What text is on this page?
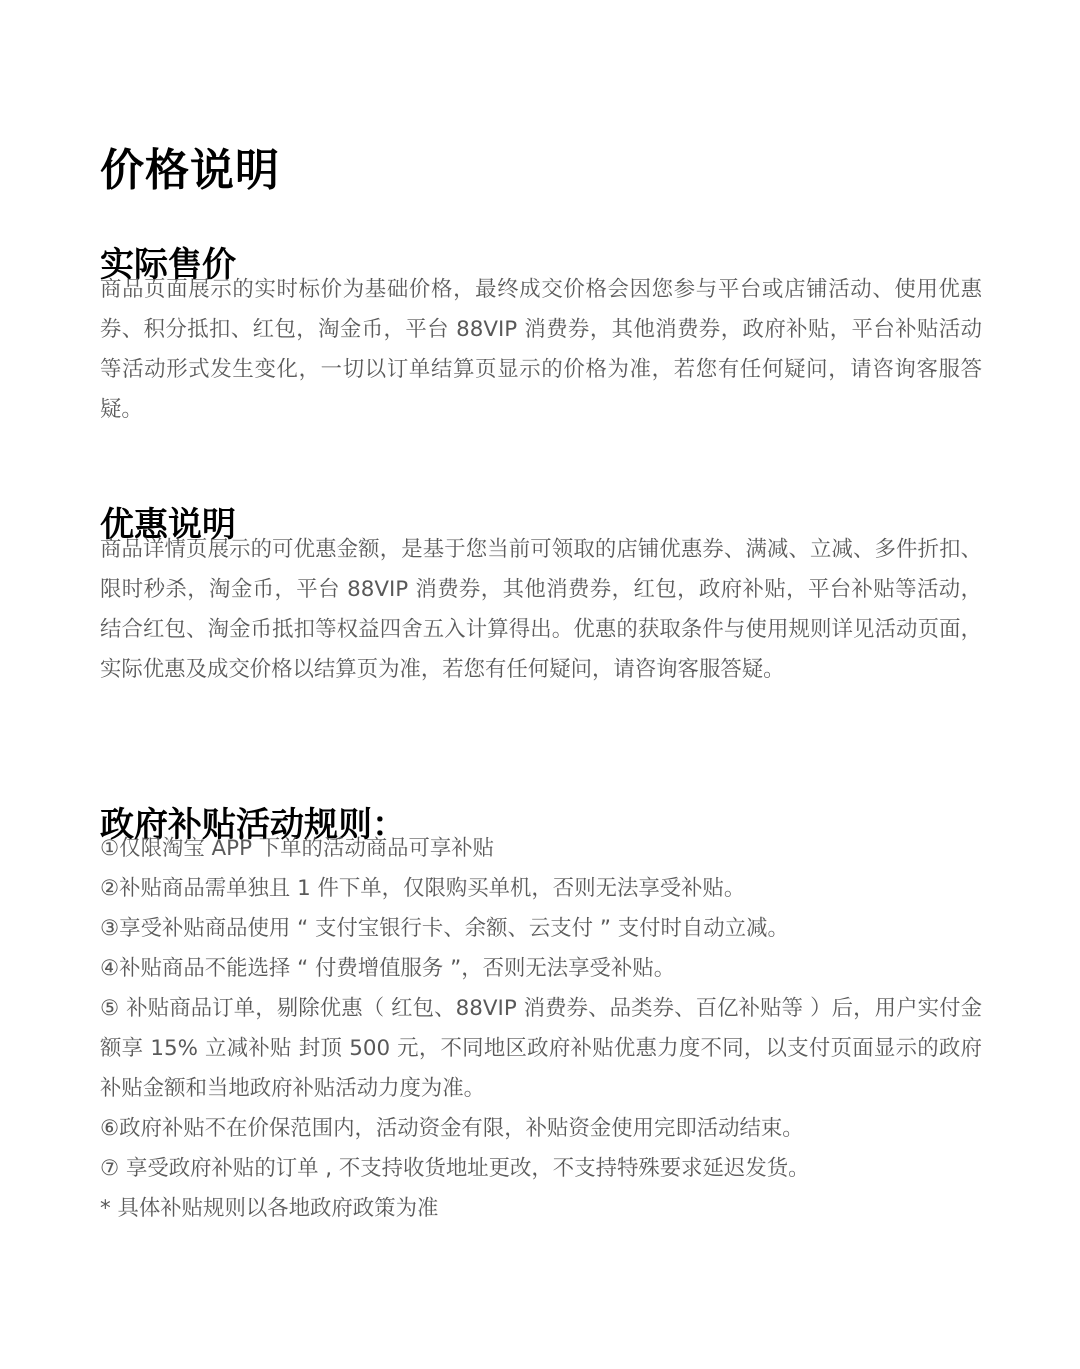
价格说明
实际售价

商品页面展示的实时标价为基础价格，最终成交价格会因您参与平台或店铺活动、使用优惠券、积分抵扣、红包，淘金币，平台 88VIP 消费券，其他消费券，政府补贴，平台补贴活动等活动形式发生变化，一切以订单结算页显示的价格为准，若您有任何疑问，请咨询客服答疑。

优惠说明

商品详情页展示的可优惠金额，是基于您当前可领取的店铺优惠券、满减、立减、多件折扣、限时秒杀，淘金币，平台 88VIP 消费券，其他消费券，红包，政府补贴，平台补贴等活动，结合红包、淘金币抵扣等权益四舍五入计算得出。优惠的获取条件与使用规则详见活动页面，实际优惠及成交价格以结算页为准，若您有任何疑问，请咨询客服答疑。

政府补贴活动规则：
①仅限淘宝 APP 下单的活动商品可享补贴
②补贴商品需单独且 1 件下单，仅限购买单机，否则无法享受补贴。
③享受补贴商品使用 “ 支付宝银行卡、余额、云支付 ” 支付时自动立减。
④补贴商品不能选择 “ 付费增值服务 ”，否则无法享受补贴。
⑤ 补贴商品订单，剔除优惠（ 红包、88VIP 消费券、品类券、百亿补贴等 ）后，用户实付金额享 15% 立减补贴 封顶 500 元，不同地区政府补贴优惠力度不同，以支付页面显示的政府补贴金额和当地政府补贴活动力度为准。
⑥政府补贴不在价保范围内，活动资金有限，补贴资金使用完即活动结束。
⑦ 享受政府补贴的订单 , 不支持收货地址更改，不支持特殊要求延迟发货。
* 具体补贴规则以各地政府政策为准
